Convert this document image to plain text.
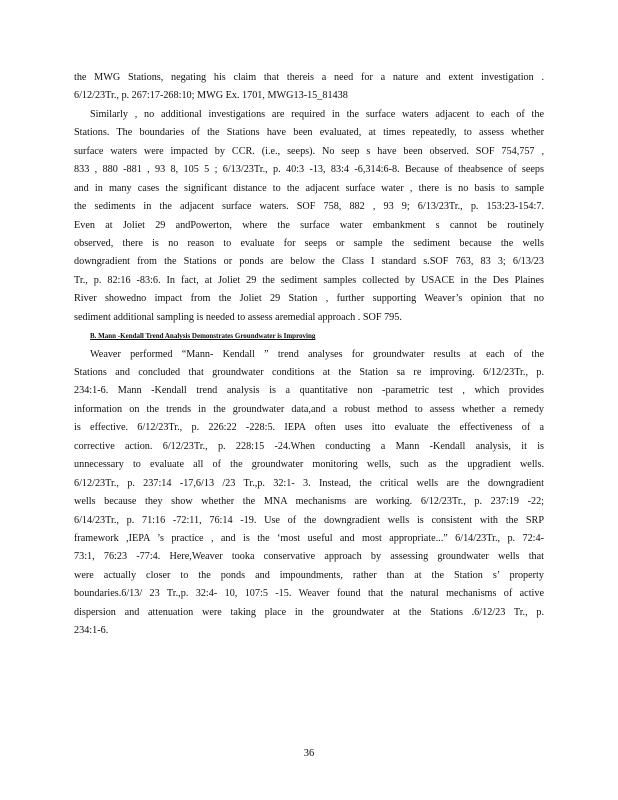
the MWG Stations, negating his claim that thereis a need for a nature and extent investigation .
6/12/23Tr., p. 267:17-268:10; MWG Ex. 1701, MWG13-15_81438
Similarly , no additional investigations are required in the surface waters adjacent to each of the
Stations. The boundaries of the Stations have been evaluated, at times repeatedly, to assess whether
surface waters were impacted by CCR. (i.e., seeps). No seep s have been observed. SOF 754,757 ,
833 , 880 -881 , 93 8, 105 5 ; 6/13/23Tr., p. 40:3 -13, 83:4 -6,314:6-8. Because of theabsence of seeps
and in many cases the significant distance to the adjacent surface water , there is no basis to sample
the sediments in the adjacent surface waters. SOF 758, 882 , 93 9; 6/13/23Tr., p. 153:23-154:7.
Even at Joliet 29 andPowerton, where the surface water embankment s cannot be routinely
observed, there is no reason to evaluate for seeps or sample the sediment because the wells
downgradient from the Stations or ponds are below the Class I standard s.SOF 763, 83 3; 6/13/23
Tr., p. 82:16 -83:6. In fact, at Joliet 29 the sediment samples collected by USACE in the Des Plaines
River showedno impact from the Joliet 29 Station , further supporting Weaver’s opinion that no
sediment additional sampling is needed to assess aremedial approach . SOF 795.
B. Mann -Kendall Trend Analysis Demonstrates Groundwater is Improving
Weaver performed “Mann- Kendall ” trend analyses for groundwater results at each of the
Stations and concluded that groundwater conditions at the Station sa re improving. 6/12/23Tr., p.
234:1-6. Mann -Kendall trend analysis is a quantitative non -parametric test , which provides
information on the trends in the groundwater data,and a robust method to assess whether a remedy
is effective. 6/12/23Tr., p. 226:22 -228:5. IEPA often uses itto evaluate the effectiveness of a
corrective action. 6/12/23Tr., p. 228:15 -24.When conducting a Mann -Kendall analysis, it is
unnecessary to evaluate all of the groundwater monitoring wells, such as the upgradient wells.
6/12/23Tr., p. 237:14 -17,6/13 /23 Tr.,p. 32:1- 3. Instead, the critical wells are the downgradient
wells because they show whether the MNA mechanisms are working. 6/12/23Tr., p. 237:19 -22;
6/14/23Tr., p. 71:16 -72:11, 76:14 -19. Use of the downgradient wells is consistent with the SRP
framework ,IEPA ’s practice , and is the ‘most useful and most appropriate...” 6/14/23Tr., p. 72:4-
73:1, 76:23 -77:4. Here,Weaver tooka conservative approach by assessing groundwater wells that
were actually closer to the ponds and impoundments, rather than at the Station s’ property
boundaries.6/13/ 23 Tr.,p. 32:4- 10, 107:5 -15. Weaver found that the natural mechanisms of active
dispersion and attenuation were taking place in the groundwater at the Stations .6/12/23 Tr., p.
234:1-6.
36
